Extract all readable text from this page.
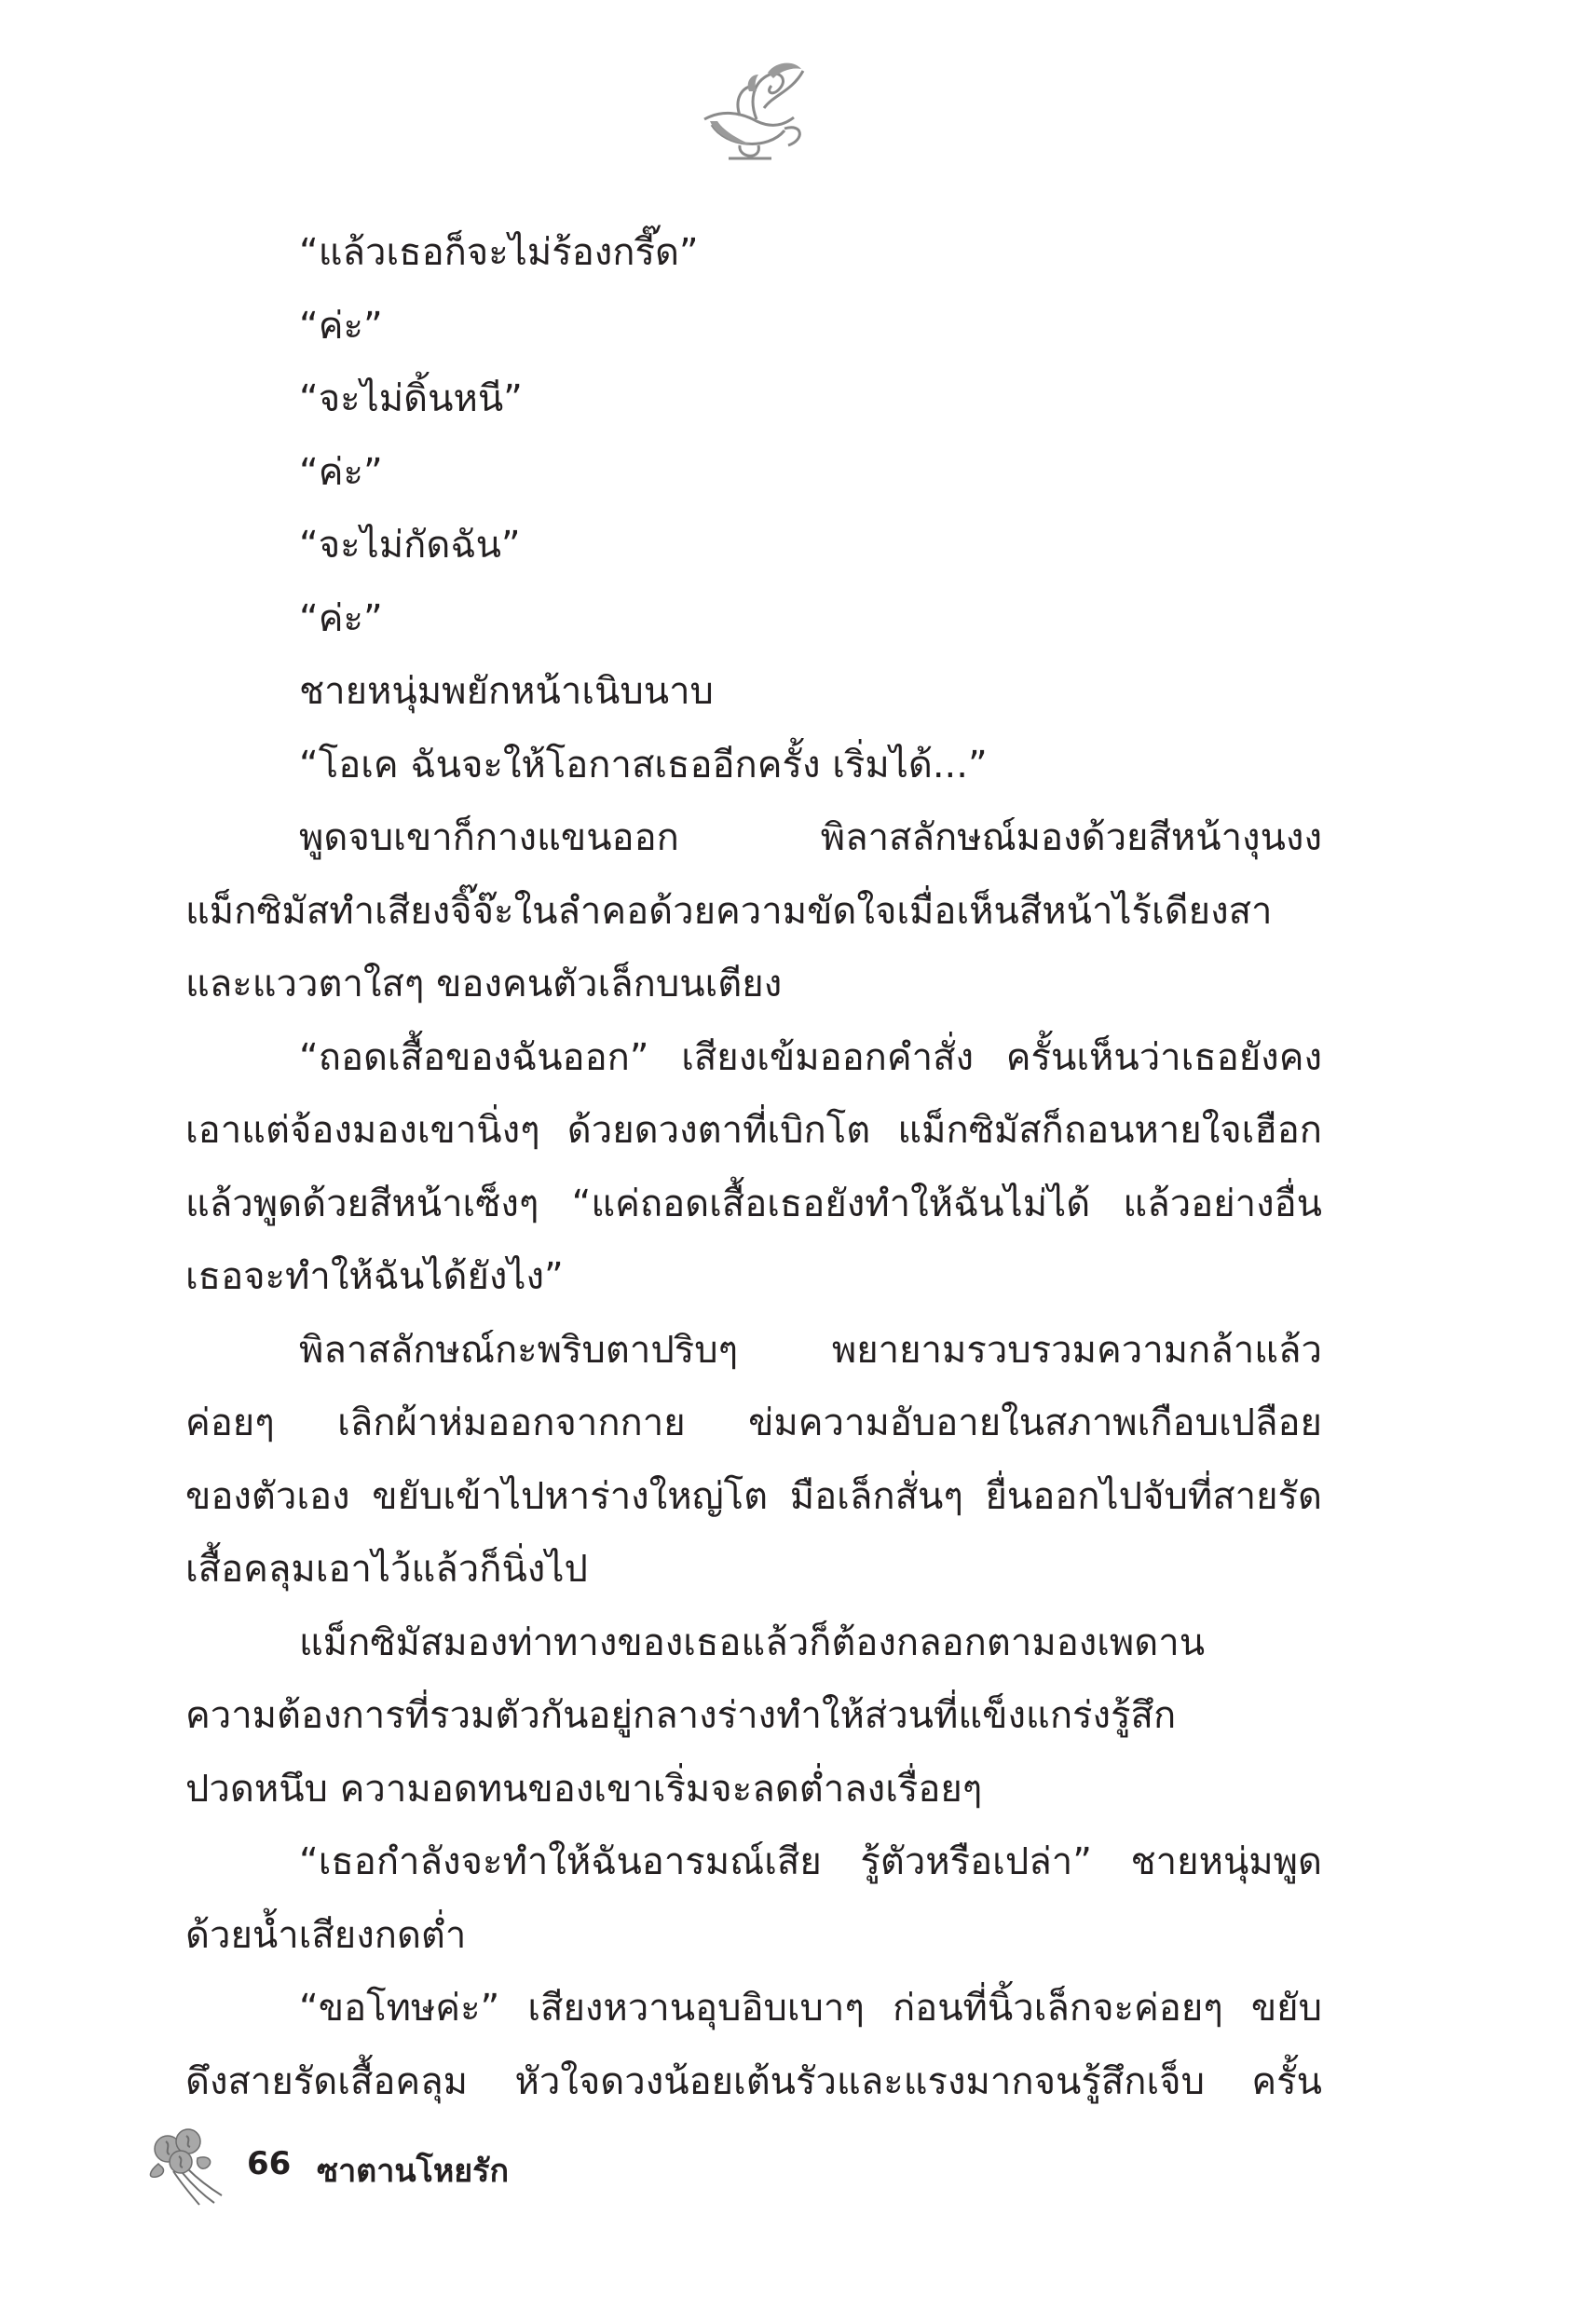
“แล้วเธอก็จะไม่ร้องกรี๊ด”
“ค่ะ”
“จะไม่ดิ้นหนี”
“ค่ะ”
“จะไม่กัดฉัน”
“ค่ะ”
ชายหนุ่มพยักหน้าเนิบนาบ
“โอเค ฉันจะให้โอกาสเธออีกครั้ง เริ่มได้...”
พูดจบเขาก็กางแขนออก พิลาสลักษณ์มองด้วยสีหน้างุนงง
แม็กซิมัสทำเสียงจิ๊จ๊ะในลำคอด้วยความขัดใจเมื่อเห็นสีหน้าไร้เดียงสา
และแววตาใสๆ ของคนตัวเล็กบนเตียง
“ถอดเสื้อของฉันออก” เสียงเข้มออกคำสั่ง ครั้นเห็นว่าเธอยังคง
เอาแต่จ้องมองเขานิ่งๆ ด้วยดวงตาที่เบิกโต แม็กซิมัสก็ถอนหายใจเฮือก
แล้วพูดด้วยสีหน้าเซ็งๆ “แค่ถอดเสื้อเธอยังทำให้ฉันไม่ได้ แล้วอย่างอื่น
เธอจะทำให้ฉันได้ยังไง”
พิลาสลักษณ์กะพริบตาปริบๆ พยายามรวบรวมความกล้าแล้ว
ค่อยๆ เลิกผ้าห่มออกจากกาย ข่มความอับอายในสภาพเกือบเปลือย
ของตัวเอง ขยับเข้าไปหาร่างใหญ่โต มือเล็กสั่นๆ ยื่นออกไปจับที่สายรัด
เสื้อคลุมเอาไว้แล้วก็นิ่งไป
แม็กซิมัสมองท่าทางของเธอแล้วก็ต้องกลอกตามองเพดาน
ความต้องการที่รวมตัวกันอยู่กลางร่างทำให้ส่วนที่แข็งแกร่งรู้สึก
ปวดหนึบ ความอดทนของเขาเริ่มจะลดต่ำลงเรื่อยๆ
“เธอกำลังจะทำให้ฉันอารมณ์เสีย รู้ตัวหรือเปล่า” ชายหนุ่มพูด
ด้วยน้ำเสียงกดต่ำ
“ขอโทษค่ะ” เสียงหวานอุบอิบเบาๆ ก่อนที่นิ้วเล็กจะค่อยๆ ขยับ
ดึงสายรัดเสื้อคลุม หัวใจดวงน้อยเต้นรัวและแรงมากจนรู้สึกเจ็บ ครั้น
66 ซาตานโหยรัก
